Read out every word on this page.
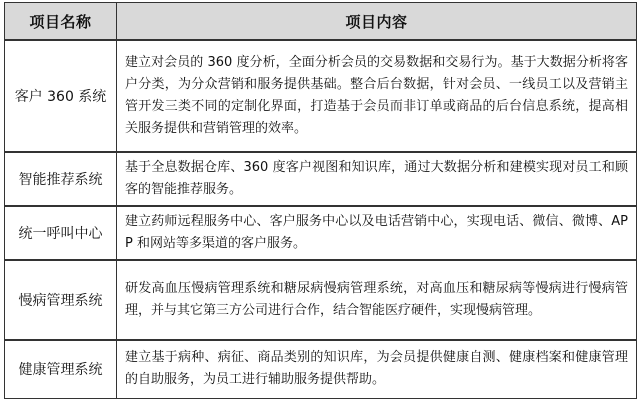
项目名称	项目内容
客户 360 系统	建立对会员的 360 度分析，全面分析会员的交易数据和交易行为。基于大数据分析将客户分类，为分众营销和服务提供基础。整合后台数据，针对会员、一线员工以及营销主管开发三类不同的定制化界面，打造基于会员而非订单或商品的后台信息系统，提高相关服务提供和营销管理的效率。
智能推荐系统	基于全息数据仓库、360 度客户视图和知识库，通过大数据分析和建模实现对员工和顾客的智能推荐服务。
统一呼叫中心	建立药师远程服务中心、客户服务中心以及电话营销中心，实现电话、微信、微博、APP 和网站等多渠道的客户服务。
慢病管理系统	研发高血压慢病管理系统和糖尿病慢病管理系统，对高血压和糖尿病等慢病进行慢病管理，并与其它第三方公司进行合作，结合智能医疗硬件，实现慢病管理。
健康管理系统	建立基于病种、病征、商品类别的知识库，为会员提供健康自测、健康档案和健康管理的自助服务，为员工进行辅助服务提供帮助。
